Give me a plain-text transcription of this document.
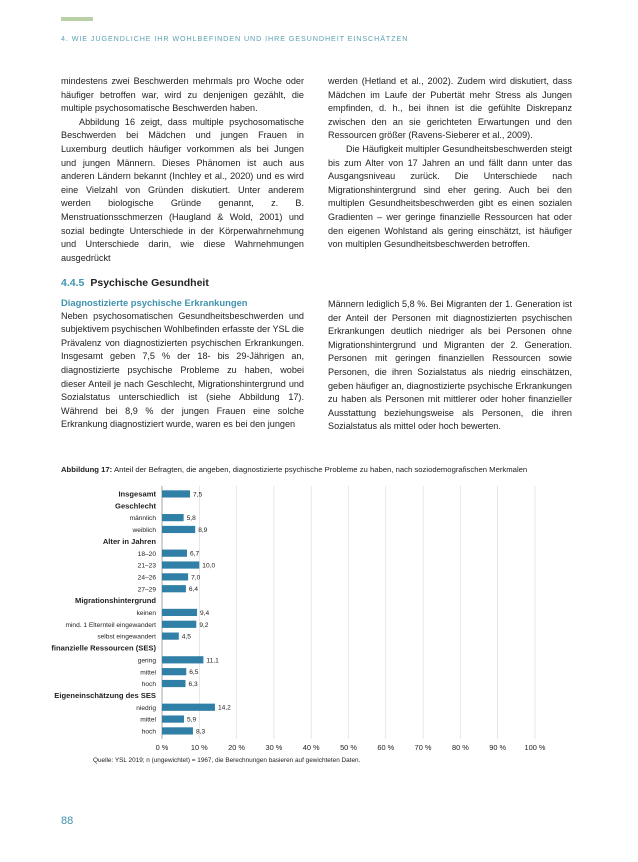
4. WIE JUGENDLICHE IHR WOHLBEFINDEN UND IHRE GESUNDHEIT EINSCHÄTZEN

mindestens zwei Beschwerden mehrmals pro Woche oder häufiger betroffen war, wird zu denjenigen gezählt, die multiple psychosomatische Beschwerden haben.

Abbildung 16 zeigt, dass multiple psychosomatische Beschwerden bei Mädchen und jungen Frauen in Luxemburg deutlich häufiger vorkommen als bei Jungen und jungen Männern. Dieses Phänomen ist auch aus anderen Ländern bekannt (Inchley et al., 2020) und es wird eine Vielzahl von Gründen diskutiert. Unter anderem werden biologische Gründe genannt, z. B. Menstruationsschmerzen (Haugland & Wold, 2001) und sozial bedingte Unterschiede in der Körperwahrnehmung und Unterschiede darin, wie diese Wahrnehmungen ausgedrückt

werden (Hetland et al., 2002). Zudem wird diskutiert, dass Mädchen im Laufe der Pubertät mehr Stress als Jungen empfinden, d. h., bei ihnen ist die gefühlte Diskrepanz zwischen den an sie gerichteten Erwartungen und den Ressourcen größer (Ravens-Sieberer et al., 2009).

Die Häufigkeit multipler Gesundheitsbeschwerden steigt bis zum Alter von 17 Jahren an und fällt dann unter das Ausgangsniveau zurück. Die Unterschiede nach Migrationshintergrund sind eher gering. Auch bei den multiplen Gesundheitsbeschwerden gibt es einen sozialen Gradienten – wer geringe finanzielle Ressourcen hat oder den eigenen Wohlstand als gering einschätzt, ist häufiger von multiplen Gesundheitsbeschwerden betroffen.

4.4.5 Psychische Gesundheit
Diagnostizierte psychische Erkrankungen

Neben psychosomatischen Gesundheitsbeschwerden und subjektivem psychischen Wohlbefinden erfasste der YSL die Prävalenz von diagnostizierten psychischen Erkrankungen. Insgesamt geben 7,5 % der 18- bis 29-Jährigen an, diagnostizierte psychische Probleme zu haben, wobei dieser Anteil je nach Geschlecht, Migrationshintergrund und Sozialstatus unterschiedlich ist (siehe Abbildung 17). Während bei 8,9 % der jungen Frauen eine solche Erkrankung diagnostiziert wurde, waren es bei den jungen

Männern lediglich 5,8 %. Bei Migranten der 1. Generation ist der Anteil der Personen mit diagnostizierten psychischen Erkrankungen deutlich niedriger als bei Personen ohne Migrationshintergrund und Migranten der 2. Generation. Personen mit geringen finanziellen Ressourcen sowie Personen, die ihren Sozialstatus als niedrig einschätzen, geben häufiger an, diagnostizierte psychische Erkrankungen zu haben als Personen mit mittlerer oder hoher finanzieller Ausstattung beziehungsweise als Personen, die ihren Sozialstatus als mittel oder hoch bewerten.

Abbildung 17: Anteil der Befragten, die angeben, diagnostizierte psychische Probleme zu haben, nach soziodemografischen Merkmalen
0 %	10 %	20 %	30 %	40 %	50 %	60 %	70 %	80 %	90 % 100 %
Insgesamt	7,5
Geschlecht
männlich	5,8
weiblich	8,9
Alter in Jahren
18–20	6,7
21–23	10,0
24–26	7,0
27–29	6,4
Migrationshintergrund
keinen	9,4
mind. 1 Elternteil eingewandert	9,2
selbst eingewandert	4,5
finanzielle Ressourcen (SES)
gering	11,1
mittel	6,5
hoch	6,3
Eigeneinschätzung des SES
niedrig	14,2
mittel	5,9
hoch	8,3
Quelle: YSL 2019; n (ungewichtet) = 1967, die Berechnungen basieren auf gewichteten Daten.
88
